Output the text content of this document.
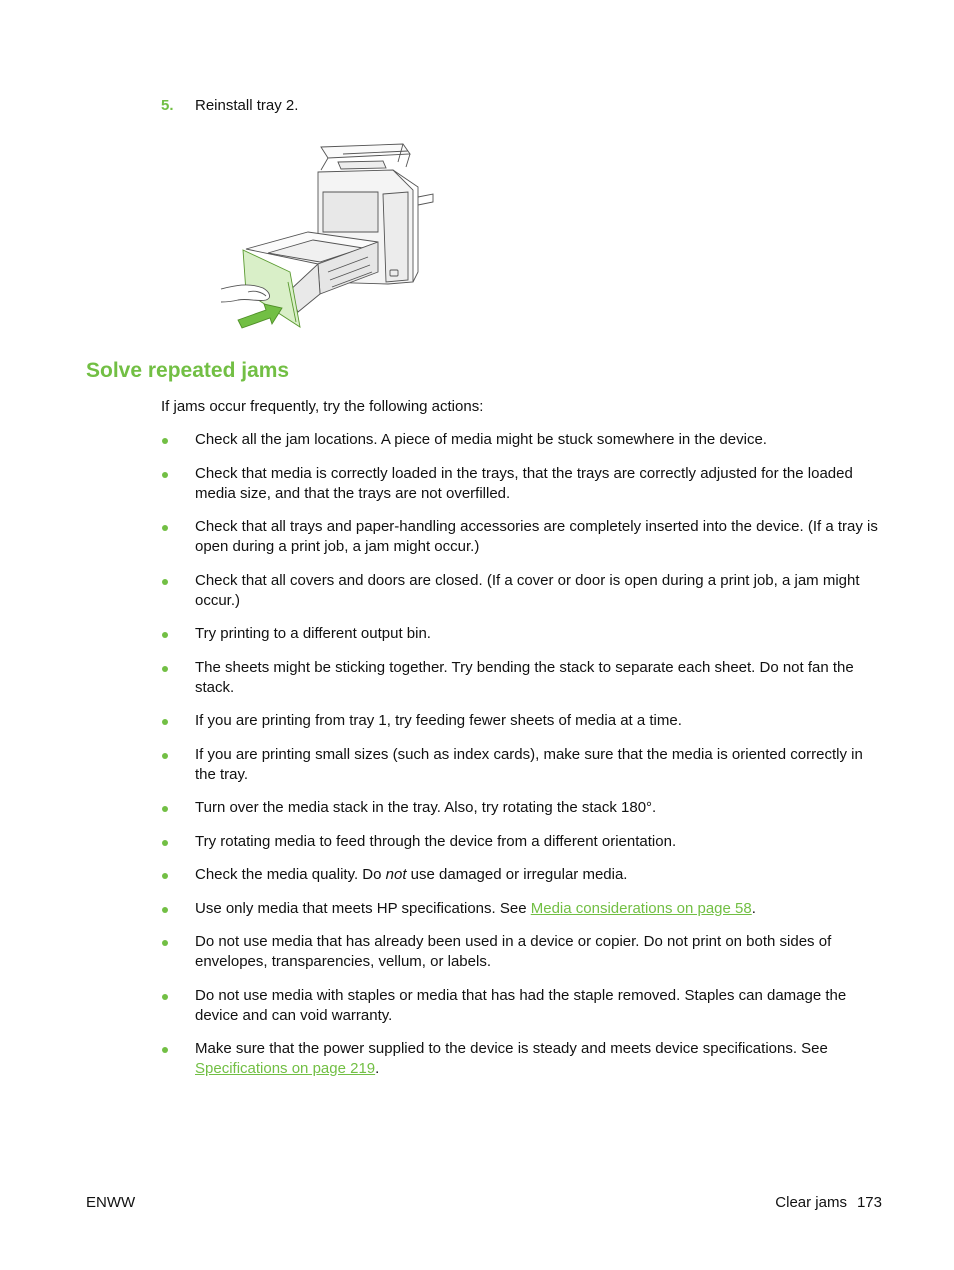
5. Reinstall tray 2.
Solve repeated jams

If jams occur frequently, try the following actions:

Check all the jam locations. A piece of media might be stuck somewhere in the device.
Check that media is correctly loaded in the trays, that the trays are correctly adjusted for the loaded media size, and that the trays are not overfilled.
Check that all trays and paper-handling accessories are completely inserted into the device. (If a tray is open during a print job, a jam might occur.)
Check that all covers and doors are closed. (If a cover or door is open during a print job, a jam might occur.)
Try printing to a different output bin.
The sheets might be sticking together. Try bending the stack to separate each sheet. Do not fan the stack.
If you are printing from tray 1, try feeding fewer sheets of media at a time.
If you are printing small sizes (such as index cards), make sure that the media is oriented correctly in the tray.
Turn over the media stack in the tray. Also, try rotating the stack 180°.
Try rotating media to feed through the device from a different orientation.
Check the media quality. Do not use damaged or irregular media.
Use only media that meets HP specifications. See Media considerations on page 58.
Do not use media that has already been used in a device or copier. Do not print on both sides of envelopes, transparencies, vellum, or labels.
Do not use media with staples or media that has had the staple removed. Staples can damage the device and can void warranty.
Make sure that the power supplied to the device is steady and meets device specifications. See Specifications on page 219.
ENWW	Clear jams 173
